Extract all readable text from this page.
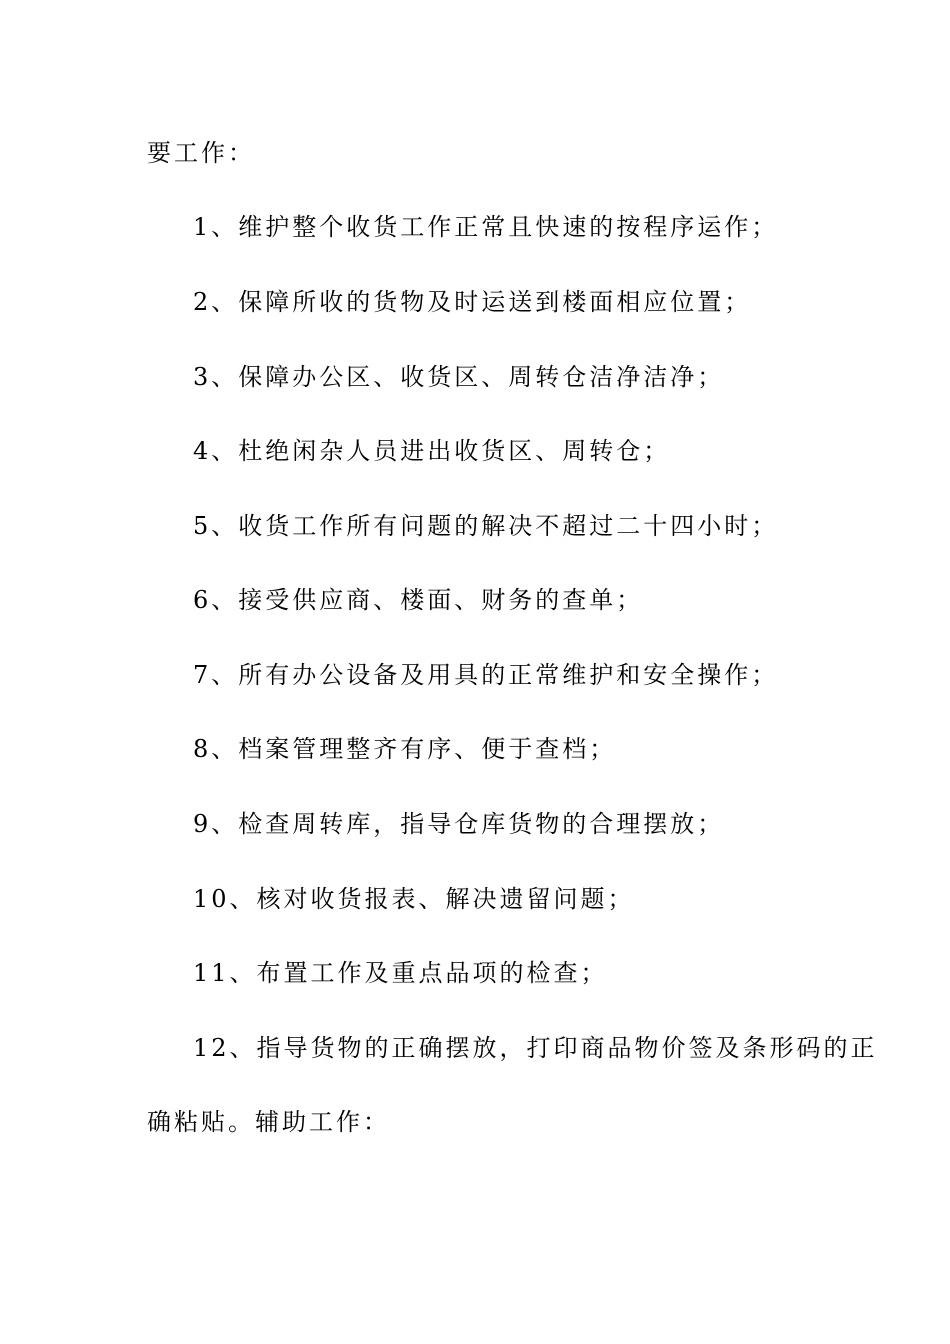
要工作：
1、维护整个收货工作正常且快速的按程序运作；
2、保障所收的货物及时运送到楼面相应位置；
3、保障办公区、收货区、周转仓洁净洁净；
4、杜绝闲杂人员进出收货区、周转仓；
5、收货工作所有问题的解决不超过二十四小时；
6、接受供应商、楼面、财务的查单；
7、所有办公设备及用具的正常维护和安全操作；
8、档案管理整齐有序、便于查档；
9、检查周转库，指导仓库货物的合理摆放；
10、核对收货报表、解决遗留问题；
11、布置工作及重点品项的检查；
12、指导货物的正确摆放，打印商品物价签及条形码的正
确粘贴。辅助工作：
